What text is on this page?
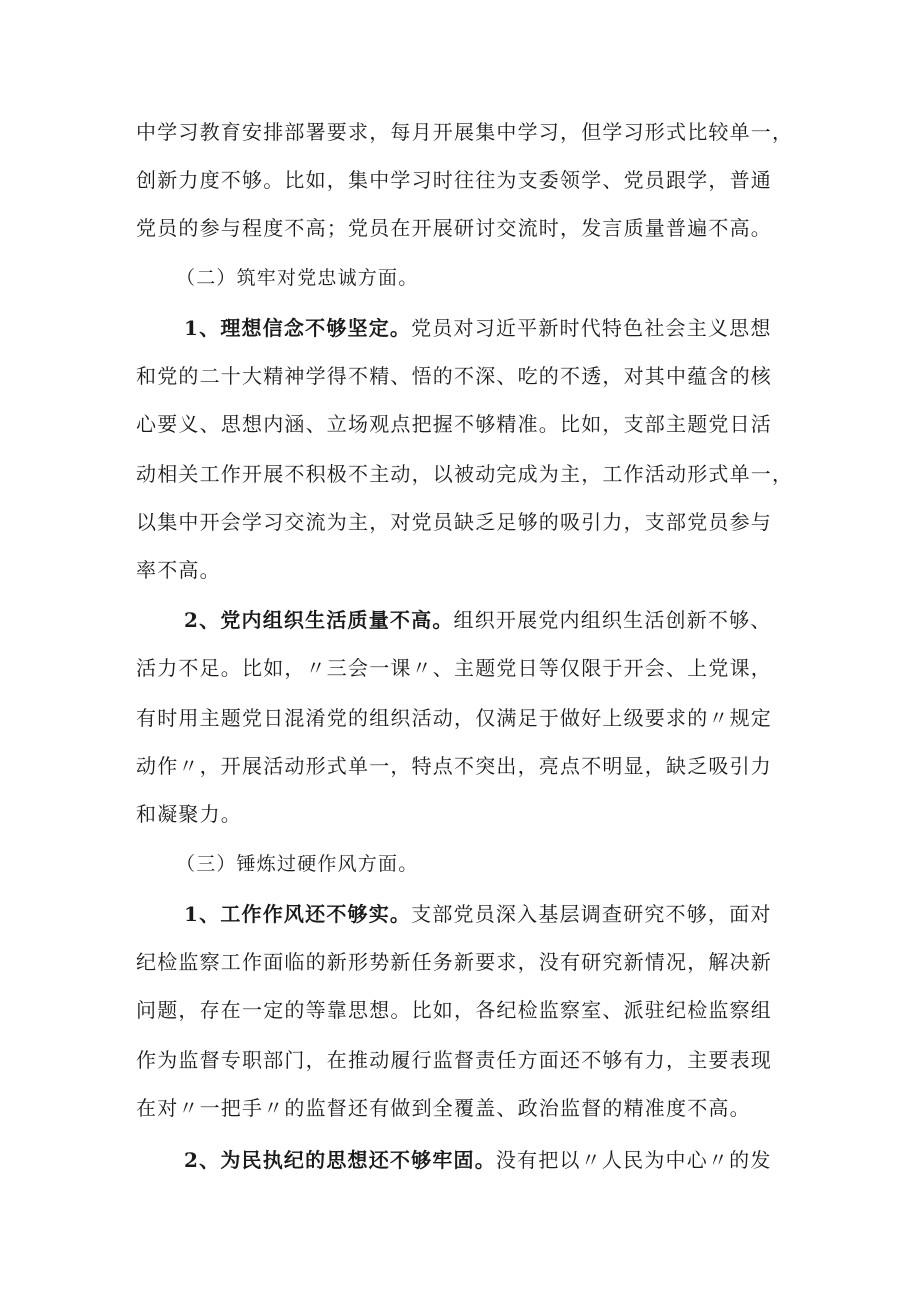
中学习教育安排部署要求，每月开展集中学习，但学习形式比较单一，
创新力度不够。比如，集中学习时往往为支委领学、党员跟学，普通
党员的参与程度不高；党员在开展研讨交流时，发言质量普遍不高。
（二）筑牢对党忠诚方面。
1、理想信念不够坚定。党员对习近平新时代特色社会主义思想
和党的二十大精神学得不精、悟的不深、吃的不透，对其中蕴含的核
心要义、思想内涵、立场观点把握不够精准。比如，支部主题党日活
动相关工作开展不积极不主动，以被动完成为主，工作活动形式单一，
以集中开会学习交流为主，对党员缺乏足够的吸引力，支部党员参与
率不高。
2、党内组织生活质量不高。组织开展党内组织生活创新不够、
活力不足。比如，〃三会一课〃、主题党日等仅限于开会、上党课，
有时用主题党日混淆党的组织活动，仅满足于做好上级要求的〃规定
动作〃，开展活动形式单一，特点不突出，亮点不明显，缺乏吸引力
和凝聚力。
（三）锤炼过硬作风方面。
1、工作作风还不够实。支部党员深入基层调查研究不够，面对
纪检监察工作面临的新形势新任务新要求，没有研究新情况，解决新
问题，存在一定的等靠思想。比如，各纪检监察室、派驻纪检监察组
作为监督专职部门，在推动履行监督责任方面还不够有力，主要表现
在对〃一把手〃的监督还有做到全覆盖、政治监督的精准度不高。
2、为民执纪的思想还不够牢固。没有把以〃人民为中心〃的发
